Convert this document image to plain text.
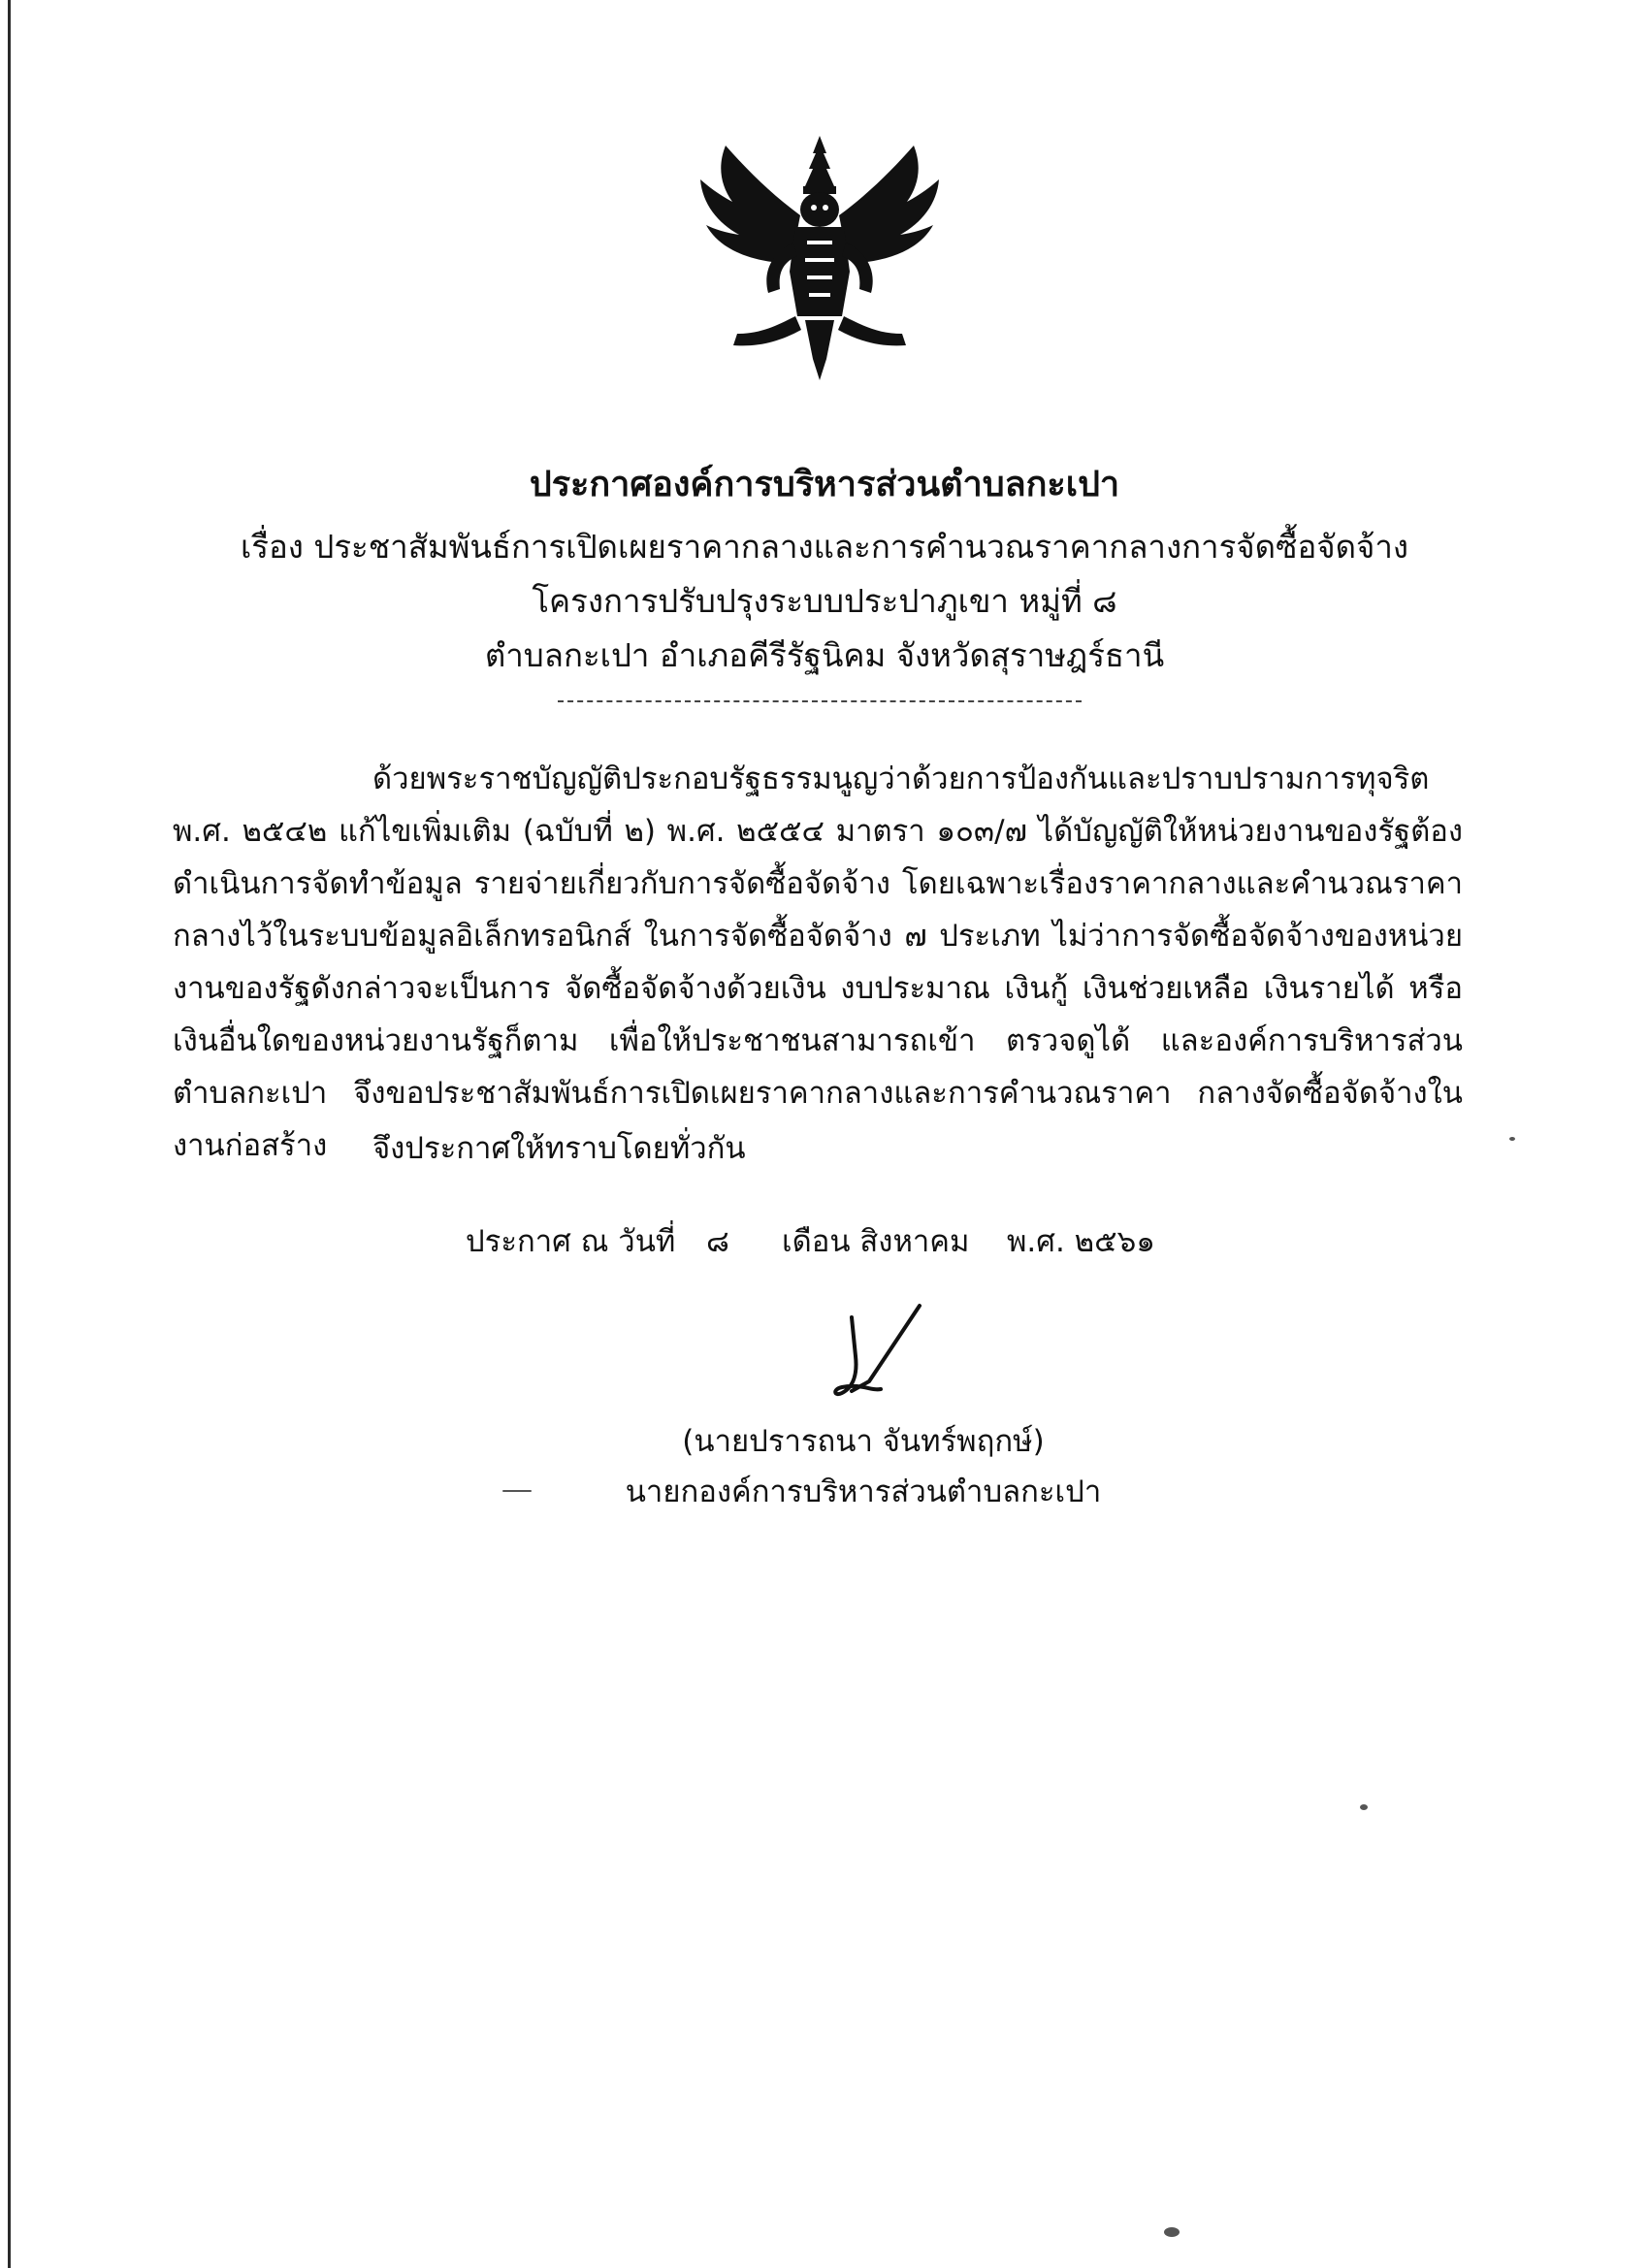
ประกาศองค์การบริหารส่วนตำบลกะเปา
เรื่อง ประชาสัมพันธ์การเปิดเผยราคากลางและการคำนวณราคากลางการจัดซื้อจัดจ้าง
โครงการปรับปรุงระบบประปาภูเขา หมู่ที่ ๘
ตำบลกะเปา อำเภอคีรีรัฐนิคม จังหวัดสุราษฎร์ธานี
ด้วยพระราชบัญญัติประกอบรัฐธรรมนูญว่าด้วยการป้องกันและปราบปรามการทุจริต พ.ศ. ๒๕๔๒ แก้ไขเพิ่มเติม (ฉบับที่ ๒) พ.ศ. ๒๕๕๔ มาตรา ๑๐๓/๗ ได้บัญญัติให้หน่วยงานของรัฐต้องดำเนินการจัดทำข้อมูล รายจ่ายเกี่ยวกับการจัดซื้อจัดจ้าง โดยเฉพาะเรื่องราคากลางและคำนวณราคากลางไว้ในระบบข้อมูลอิเล็กทรอนิกส์ ในการจัดซื้อจัดจ้าง ๗ ประเภท ไม่ว่าการจัดซื้อจัดจ้างของหน่วยงานของรัฐดังกล่าวจะเป็นการ จัดซื้อจัดจ้างด้วยเงิน งบประมาณ เงินกู้ เงินช่วยเหลือ เงินรายได้ หรือเงินอื่นใดของหน่วยงานรัฐก็ตาม เพื่อให้ประชาชนสามารถเข้า ตรวจดูได้ และองค์การบริหารส่วนตำบลกะเปา จึงขอประชาสัมพันธ์การเปิดเผยราคากลางและการคำนวณราคา กลางจัดซื้อจัดจ้างในงานก่อสร้าง	จึงประกาศให้ทราบโดยทั่วกัน
ประกาศ ณ วันที่ ๘ เดือน สิงหาคม พ.ศ. ๒๕๖๑
(นายปรารถนา จันทร์พฤกษ์)
นายกองค์การบริหารส่วนตำบลกะเปา
